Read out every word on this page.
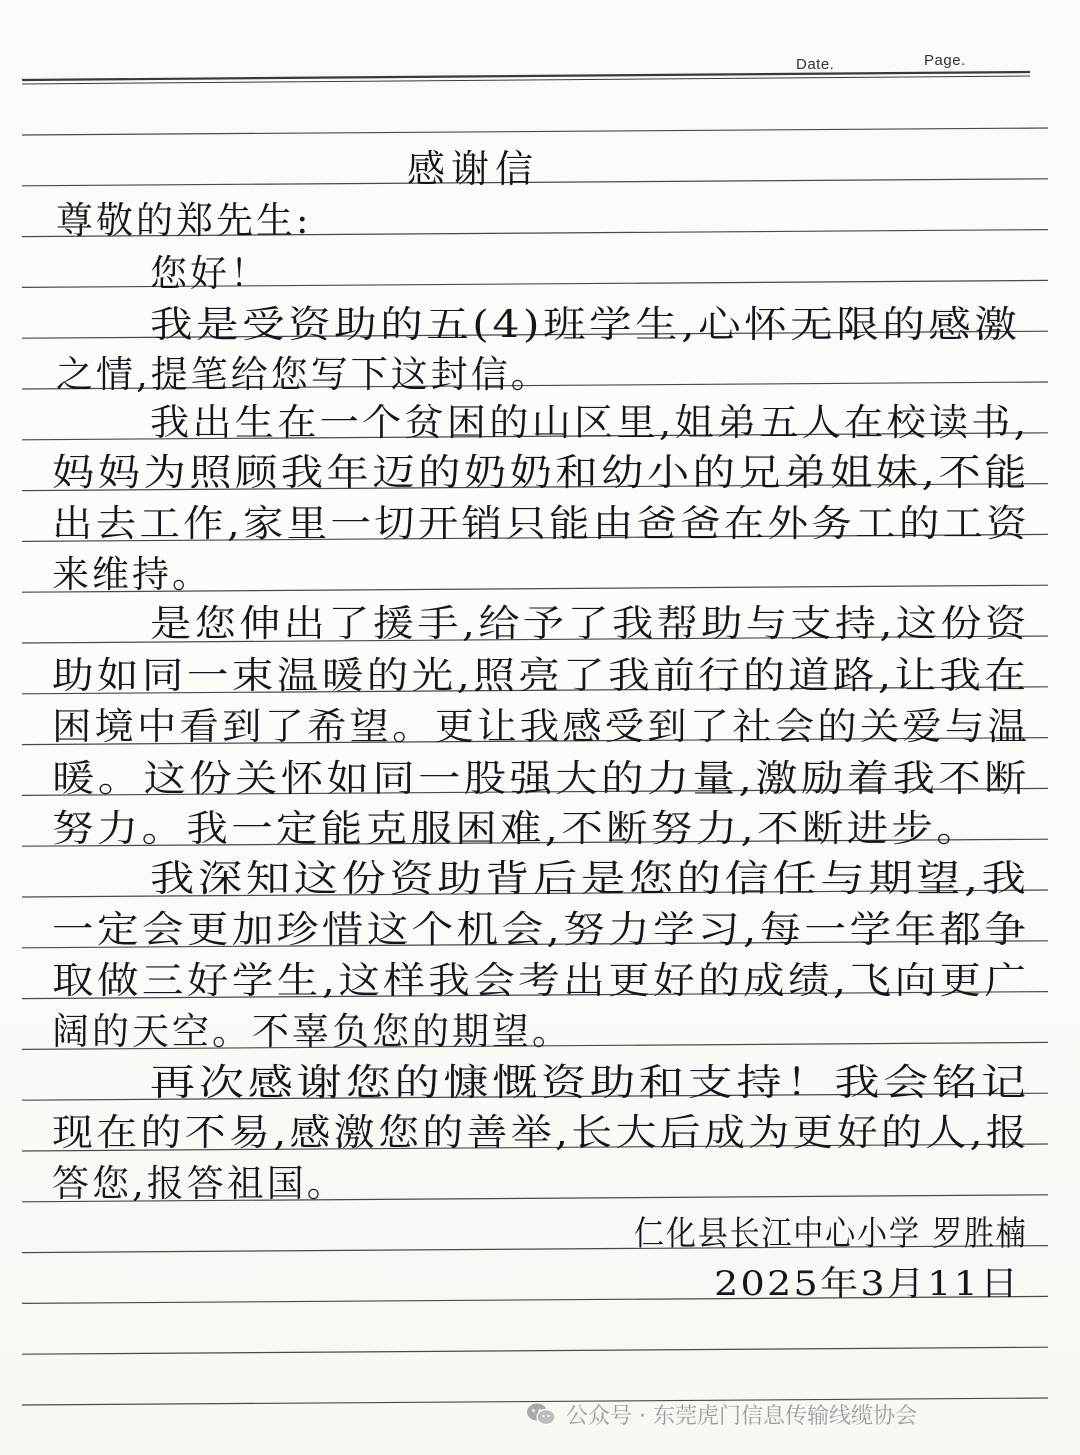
Date.	Page.
感谢信
尊敬的郑先生:
您好！
我是受资助的五(4)班学生,心怀无限的感激
之情,提笔给您写下这封信。
我出生在一个贫困的山区里,姐弟五人在校读书,
妈妈为照顾我年迈的奶奶和幼小的兄弟姐妹,不能
出去工作,家里一切开销只能由爸爸在外务工的工资
来维持。
是您伸出了援手,给予了我帮助与支持,这份资
助如同一束温暖的光,照亮了我前行的道路,让我在
困境中看到了希望。更让我感受到了社会的关爱与温
暖。这份关怀如同一股强大的力量,激励着我不断
努力。我一定能克服困难,不断努力,不断进步。
我深知这份资助背后是您的信任与期望,我
一定会更加珍惜这个机会,努力学习,每一学年都争
取做三好学生,这样我会考出更好的成绩,飞向更广
阔的天空。不辜负您的期望。
再次感谢您的慷慨资助和支持！我会铭记
现在的不易,感激您的善举,长大后成为更好的人,报
答您,报答祖国。
仁化县长江中心小学 罗胜楠
2025年3月11日
公众号 · 东莞虎门信息传输线缆协会
